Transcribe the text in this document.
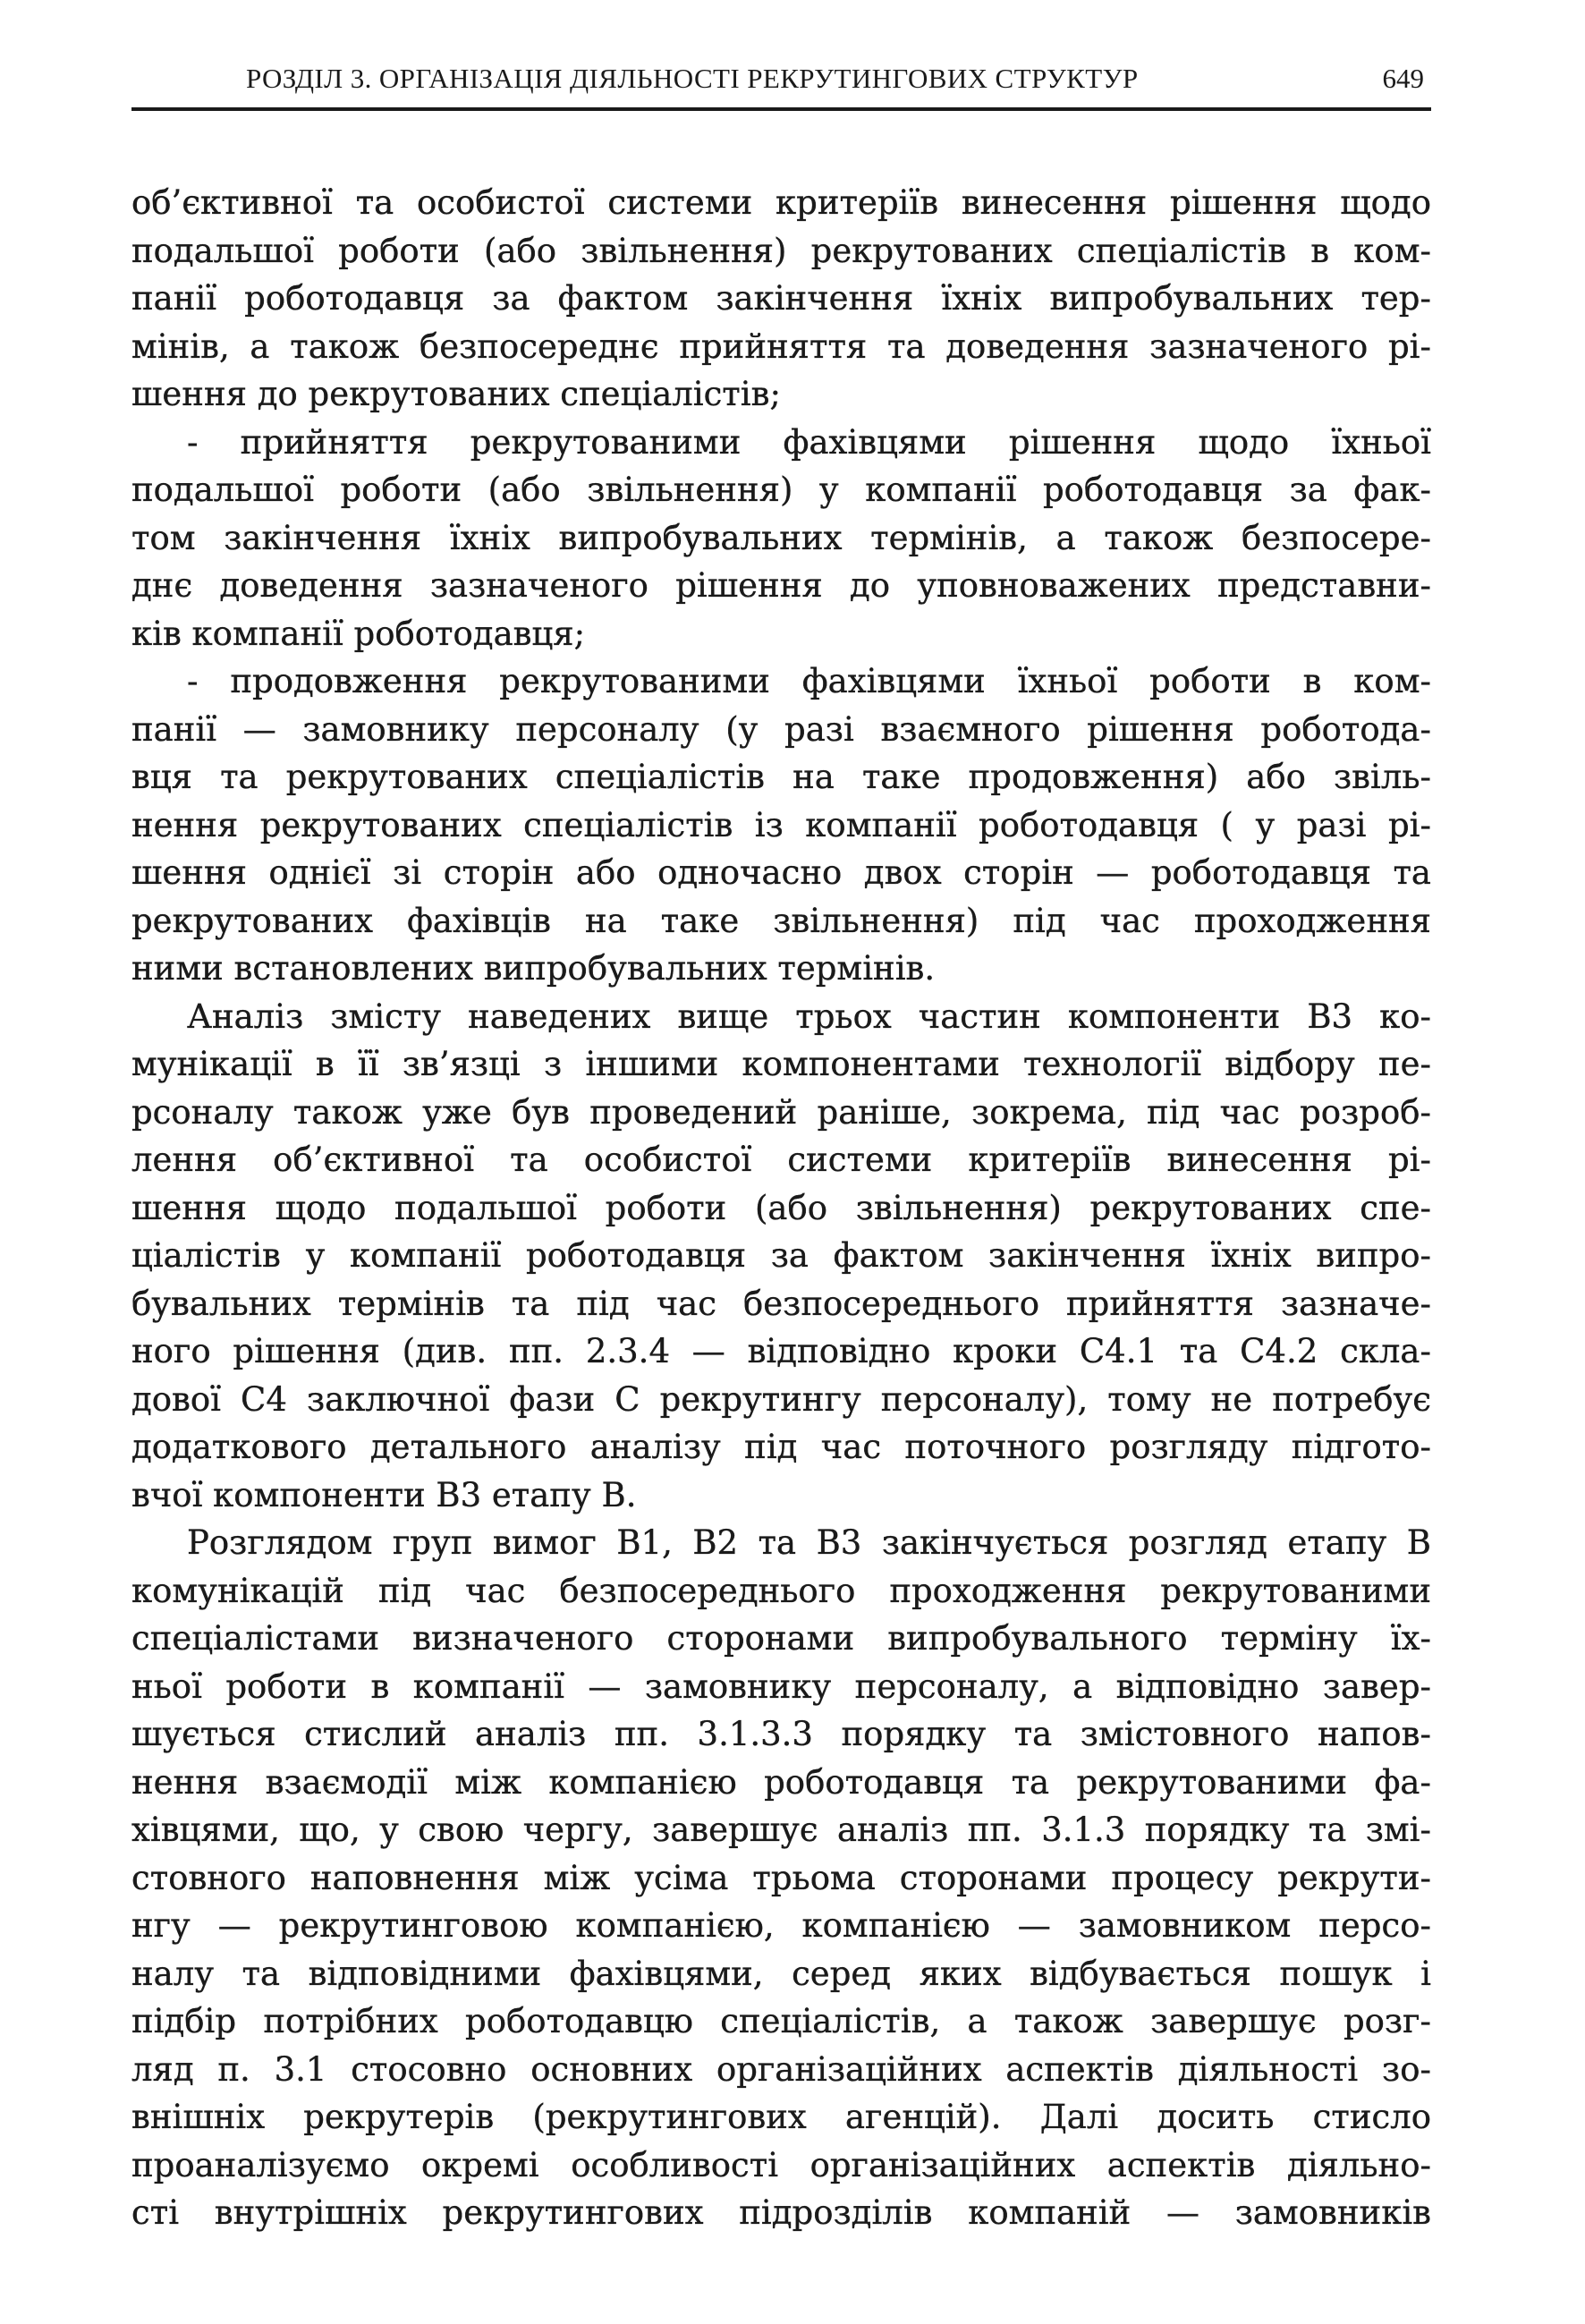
РОЗДІЛ 3. ОРГАНІЗАЦІЯ ДІЯЛЬНОСТІ РЕКРУТИНГОВИХ СТРУКТУР	649
об’єктивної та особистої системи критеріїв винесення рішення щодо
подальшої роботи (або звільнення) рекрутованих спеціалістів в ком-
панії роботодавця за фактом закінчення їхніх випробувальних тер-
мінів, а також безпосереднє прийняття та доведення зазначеного рі-
шення до рекрутованих спеціалістів;
- прийняття рекрутованими фахівцями рішення щодо їхньої
подальшої роботи (або звільнення) у компанії роботодавця за фак-
том закінчення їхніх випробувальних термінів, а також безпосере-
днє доведення зазначеного рішення до уповноважених представни-
ків компанії роботодавця;
- продовження рекрутованими фахівцями їхньої роботи в ком-
панії — замовнику персоналу (у разі взаємного рішення роботода-
вця та рекрутованих спеціалістів на таке продовження) або звіль-
нення рекрутованих спеціалістів із компанії роботодавця ( у разі рі-
шення однієї зі сторін або одночасно двох сторін — роботодавця та
рекрутованих фахівців на таке звільнення) під час проходження
ними встановлених випробувальних термінів.
Аналіз змісту наведених вище трьох частин компоненти В3 ко-
мунікації в її зв’язці з іншими компонентами технології відбору пе-
рсоналу також уже був проведений раніше, зокрема, під час розроб-
лення об’єктивної та особистої системи критеріїв винесення рі-
шення щодо подальшої роботи (або звільнення) рекрутованих спе-
ціалістів у компанії роботодавця за фактом закінчення їхніх випро-
бувальних термінів та під час безпосереднього прийняття зазначе-
ного рішення (див. пп. 2.3.4 — відповідно кроки С4.1 та С4.2 скла-
дової С4 заключної фази С рекрутингу персоналу), тому не потребує
додаткового детального аналізу під час поточного розгляду підгото-
вчої компоненти В3 етапу В.
Розглядом груп вимог В1, В2 та В3 закінчується розгляд етапу В
комунікацій під час безпосереднього проходження рекрутованими
спеціалістами визначеного сторонами випробувального терміну їх-
ньої роботи в компанії — замовнику персоналу, а відповідно завер-
шується стислий аналіз пп. 3.1.3.3 порядку та змістовного напов-
нення взаємодії між компанією роботодавця та рекрутованими фа-
хівцями, що, у свою чергу, завершує аналіз пп. 3.1.3 порядку та змі-
стовного наповнення між усіма трьома сторонами процесу рекрути-
нгу — рекрутинговою компанією, компанією — замовником персо-
налу та відповідними фахівцями, серед яких відбувається пошук і
підбір потрібних роботодавцю спеціалістів, а також завершує розг-
ляд п. 3.1 стосовно основних організаційних аспектів діяльності зо-
внішніх рекрутерів (рекрутингових агенцій). Далі досить стисло
проаналізуємо окремі особливості організаційних аспектів діяльно-
сті внутрішніх рекрутингових підрозділів компаній — замовників
